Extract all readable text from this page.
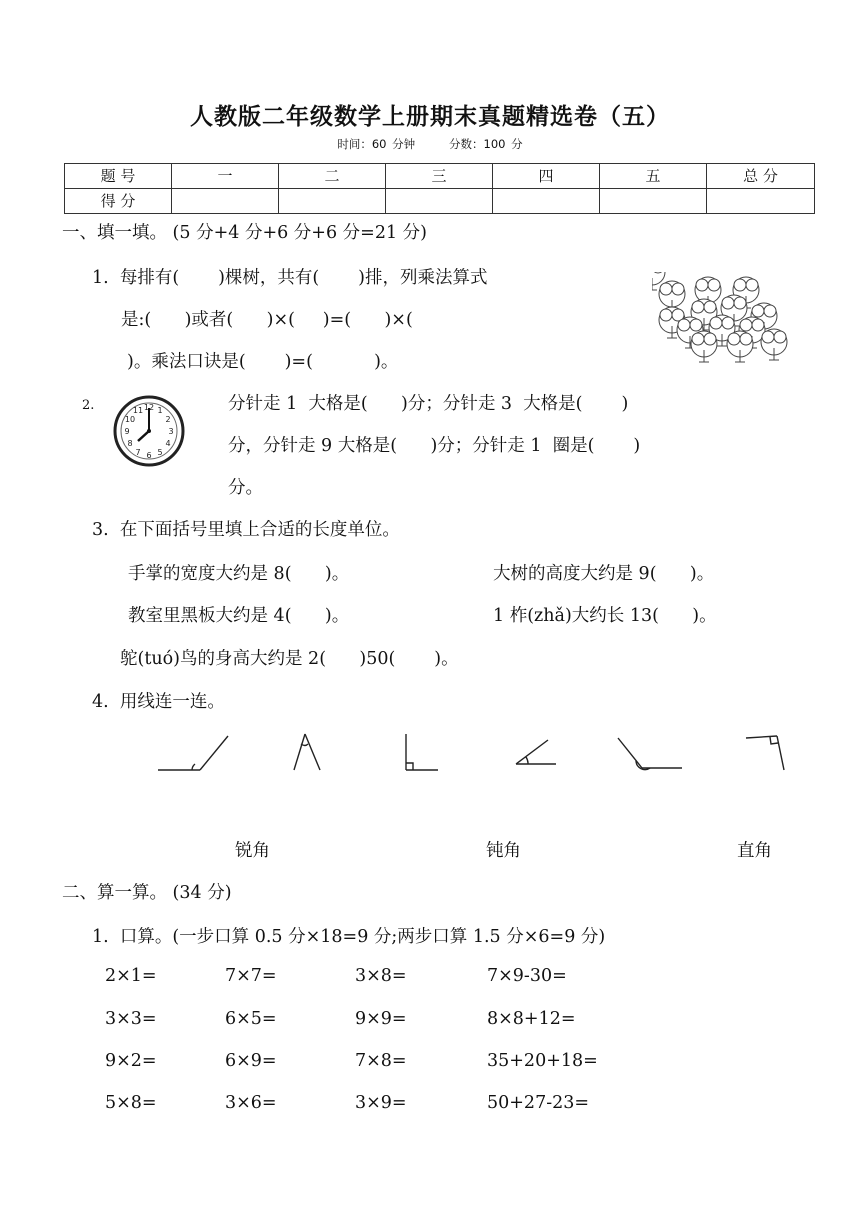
人教版二年级数学上册期末真题精选卷（五）
时间：60 分钟      分数：100 分
题 号	一	二	三	四	五	总 分
得 分						
一、填一填。 (5 分+4 分+6 分+6 分=21 分)
1.  每排有(       )棵树，共有(       )排，列乘法算式
是:(      )或者(      )×(     )=(      )×(
)。乘法口诀是(       )=(           )。
2.	12 1
2
3
4
5
6
7
8
9
10
11	分针走 1  大格是(      )分；分针走 3  大格是(       )
分，分针走 9 大格是(      )分；分针走 1  圈是(       )
分。
3.  在下面括号里填上合适的长度单位。
手掌的宽度大约是 8(      )。	大树的高度大约是 9(      )。
教室里黑板大约是 4(      )。	1 柞(zhǎ)大约长 13(      )。
鸵(tuó)鸟的身高大约是 2(      )50(       )。
4.  用线连一连。
锐角	钝角	直角
二、算一算。 (34 分)
1.  口算。(一步口算 0.5 分×18=9 分;两步口算 1.5 分×6=9 分)
2×1=	7×7=	3×8=	7×9-30=
3×3=	6×5=	9×9=	8×8+12=
9×2=	6×9=	7×8=	35+20+18=
5×8=	3×6=	3×9=	50+27-23=
